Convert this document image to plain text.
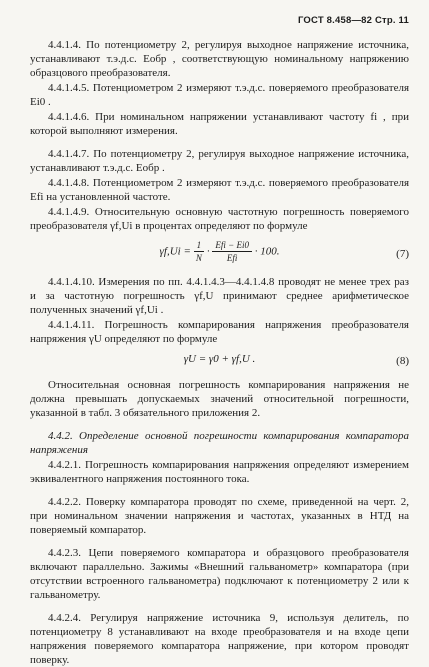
ГОСТ 8.458—82 Стр. 11

4.4.1.4. По потенциометру 2, регулируя выходное напряжение источника, устанавливают т.э.д.с. Eобр , соответствующую номинальному напряжению образцового преобразователя.

4.4.1.4.5. Потенциометром 2 измеряют т.э.д.с. поверяемого преобразователя Ei0 .

4.4.1.4.6. При номинальном напряжении устанавливают частоту fi , при которой выполняют измерения.

4.4.1.4.7. По потенциометру 2, регулируя выходное напряжение источника, устанавливают т.э.д.с. Eобр .

4.4.1.4.8. Потенциометром 2 измеряют т.э.д.с. поверяемого преобразователя Efi на установленной частоте.

4.4.1.4.9. Относительную основную частотную погрешность поверяемого преобразователя γf,Ui в процентах определяют по формуле

$\gamma f,Ui = \frac{1}{N} \cdot \frac{\text{Efi − Ei0}}{\text{Efi}} \cdot 100$.	(7)

4.4.1.4.10. Измерения по пп. 4.4.1.4.3—4.4.1.4.8 проводят не менее трех раз и за частотную погрешность γf,U принимают среднее арифметическое полученных значений γf,Ui .

4.4.1.4.11. Погрешность компарирования напряжения преобразователя напряжения γU определяют по формуле

γU = γ0 + γf,U .	(8)

Относительная основная погрешность компарирования напряжения не должна превышать допускаемых значений относительной погрешности, указанной в табл. 3 обязательного приложения 2.

4.4.2. Определение основной погрешности компарирования компаратора напряжения

4.4.2.1. Погрешность компарирования напряжения определяют измерением эквивалентного напряжения постоянного тока.

4.4.2.2. Поверку компаратора проводят по схеме, приведенной на черт. 2, при номинальном значении напряжения и частотах, указанных в НТД на поверяемый компаратор.

4.4.2.3. Цепи поверяемого компаратора и образцового преобразователя включают параллельно. Зажимы «Внешний гальванометр» компаратора (при отсутствии встроенного гальванометра) подключают к потенциометру 2 или к гальванометру.

4.4.2.4. Регулируя напряжение источника 9, используя делитель, по потенциометру 8 устанавливают на входе преобразователя и на входе цепи напряжения поверяемого компаратора напряжение, при котором проводят поверку.
